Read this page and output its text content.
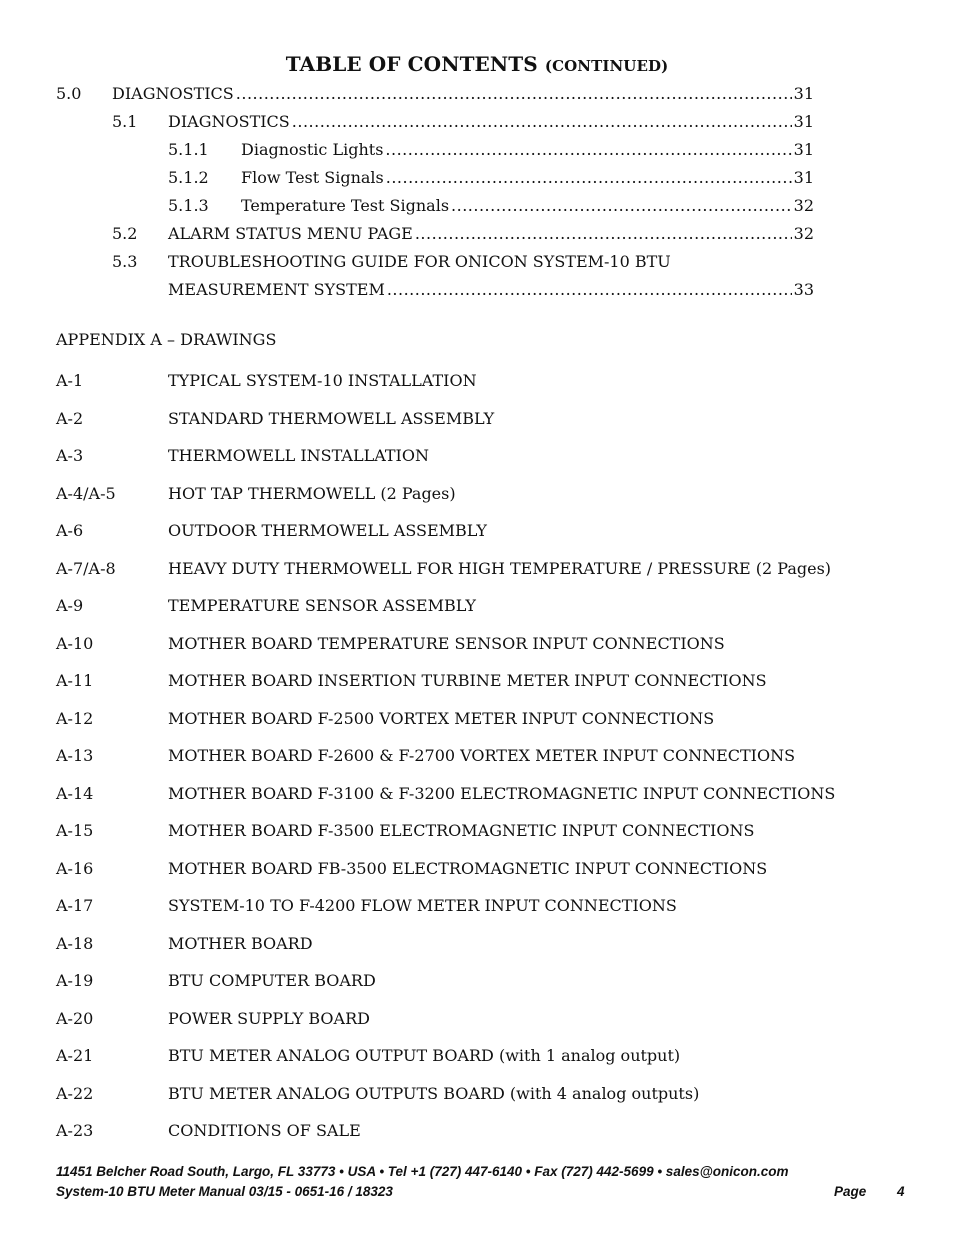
TABLE OF CONTENTS (CONTINUED)
5.0	DIAGNOSTICS .....	31
5.1	DIAGNOSTICS .....	31
5.1.1	Diagnostic Lights .....	31
5.1.2	Flow Test Signals .....	31
5.1.3	Temperature Test Signals .....	32
5.2	ALARM STATUS MENU PAGE .....	32
5.3	TROUBLESHOOTING GUIDE FOR ONICON SYSTEM-10 BTU
MEASUREMENT SYSTEM .....	33
APPENDIX A – DRAWINGS
A-1	TYPICAL SYSTEM-10 INSTALLATION
A-2	STANDARD THERMOWELL ASSEMBLY
A-3	THERMOWELL INSTALLATION
A-4/A-5	HOT TAP THERMOWELL (2 Pages)
A-6	OUTDOOR THERMOWELL ASSEMBLY
A-7/A-8	HEAVY DUTY THERMOWELL FOR HIGH TEMPERATURE / PRESSURE (2 Pages)
A-9	TEMPERATURE SENSOR ASSEMBLY
A-10	MOTHER BOARD TEMPERATURE SENSOR INPUT CONNECTIONS
A-11	MOTHER BOARD INSERTION TURBINE METER INPUT CONNECTIONS
A-12	MOTHER BOARD F-2500 VORTEX METER INPUT CONNECTIONS
A-13	MOTHER BOARD F-2600 & F-2700 VORTEX METER INPUT CONNECTIONS
A-14	MOTHER BOARD F-3100 & F-3200 ELECTROMAGNETIC INPUT CONNECTIONS
A-15	MOTHER BOARD F-3500 ELECTROMAGNETIC INPUT CONNECTIONS
A-16	MOTHER BOARD FB-3500 ELECTROMAGNETIC INPUT CONNECTIONS
A-17	SYSTEM-10 TO F-4200 FLOW METER INPUT CONNECTIONS
A-18	MOTHER BOARD
A-19	BTU COMPUTER BOARD
A-20	POWER SUPPLY BOARD
A-21	BTU METER ANALOG OUTPUT BOARD (with 1 analog output)
A-22	BTU METER ANALOG OUTPUTS BOARD (with 4 analog outputs)
A-23	CONDITIONS OF SALE
11451 Belcher Road South, Largo, FL 33773 • USA • Tel +1 (727) 447-6140 • Fax (727) 442-5699 • sales@onicon.com
System-10 BTU Meter Manual 03/15 - 0651-16 / 18323	Page 4
